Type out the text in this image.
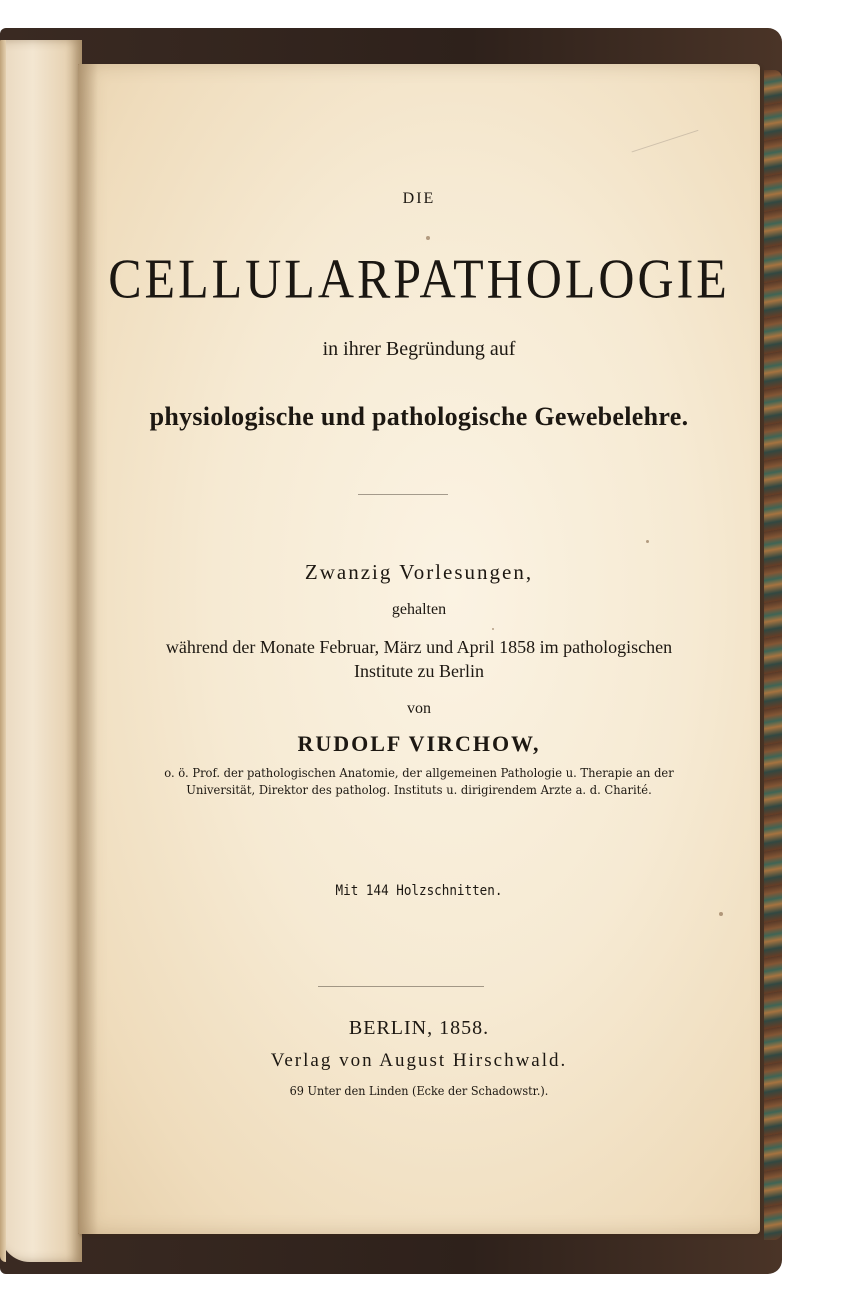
DIE
CELLULARPATHOLOGIE
in ihrer Begründung auf
physiologische und pathologische Gewebelehre.
Zwanzig Vorlesungen,
gehalten
während der Monate Februar, März und April 1858 im pathologischen
Institute zu Berlin
von
RUDOLF VIRCHOW,
o. ö. Prof. der pathologischen Anatomie, der allgemeinen Pathologie u. Therapie an der
Universität, Direktor des patholog. Instituts u. dirigirendem Arzte a. d. Charité.
Mit 144 Holzschnitten.
BERLIN, 1858.
Verlag von August Hirschwald.
69 Unter den Linden (Ecke der Schadowstr.).
